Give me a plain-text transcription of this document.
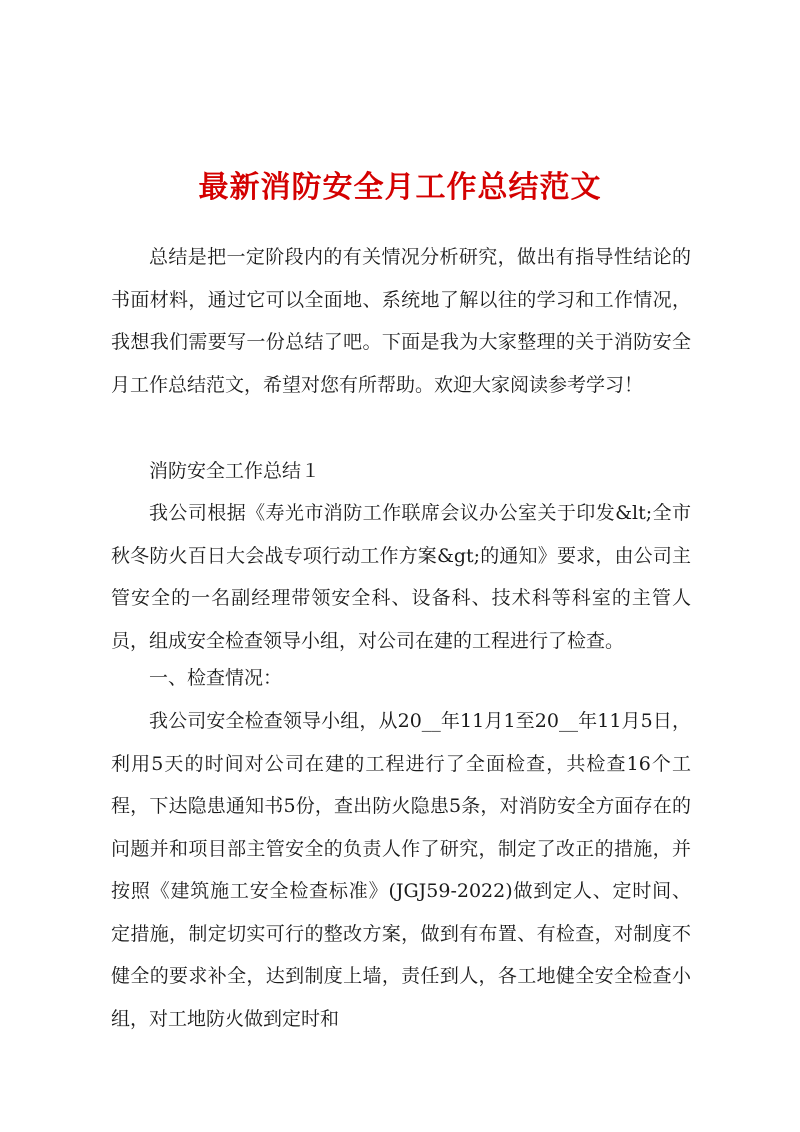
最新消防安全月工作总结范文

总结是把一定阶段内的有关情况分析研究，做出有指导性结论的书面材料，通过它可以全面地、系统地了解以往的学习和工作情况，我想我们需要写一份总结了吧。下面是我为大家整理的关于消防安全月工作总结范文，希望对您有所帮助。欢迎大家阅读参考学习！

消防安全工作总结１

我公司根据《寿光市消防工作联席会议办公室关于印发&lt;全市秋冬防火百日大会战专项行动工作方案&gt;的通知》要求，由公司主管安全的一名副经理带领安全科、设备科、技术科等科室的主管人员，组成安全检查领导小组，对公司在建的工程进行了检查。

一、检查情况：

我公司安全检查领导小组，从20__年11月1至20__年11月5日，利用5天的时间对公司在建的工程进行了全面检查，共检查16个工程，下达隐患通知书5份，查出防火隐患5条，对消防安全方面存在的问题并和项目部主管安全的负责人作了研究，制定了改正的措施，并按照《建筑施工安全检查标准》(JGJ59-2022)做到定人、定时间、定措施，制定切实可行的整改方案，做到有布置、有检查，对制度不健全的要求补全，达到制度上墙，责任到人，各工地健全安全检查小组，对工地防火做到定时和
